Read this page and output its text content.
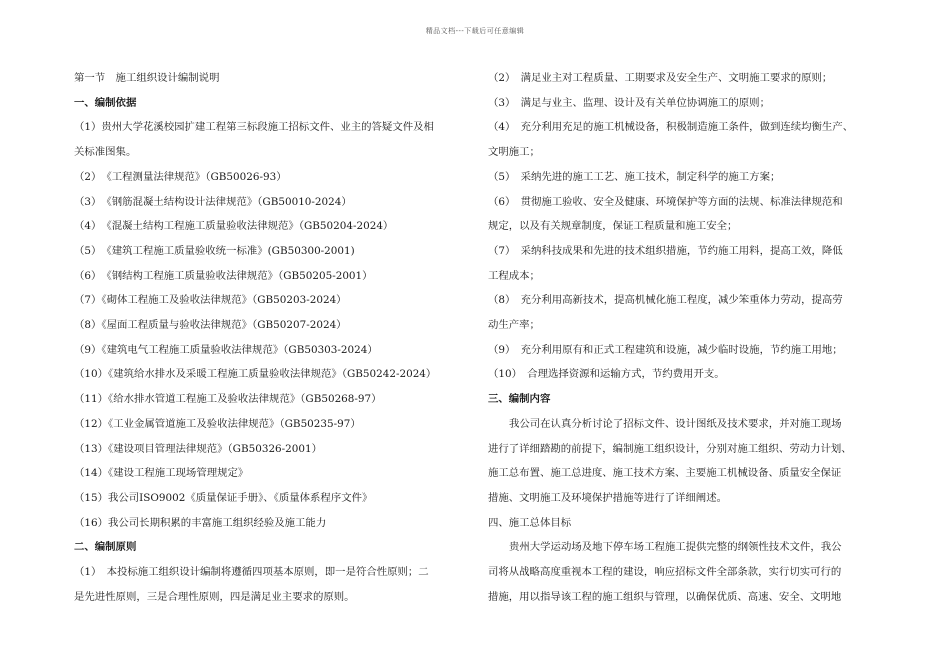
精品文档---下载后可任意编辑
第一节　施工组织设计编制说明
一、编制依据
（1）贵州大学花溪校园扩建工程第三标段施工招标文件、业主的答疑文件及相
关标准图集。
（2）　《工程测量法律规范》（GB50026-93）
（3）　《钢筋混凝土结构设计法律规范》（GB50010-2024）
（4）　《混凝土结构工程施工质量验收法律规范》（GB50204-2024）
（5）　《建筑工程施工质量验收统一标准》(GB50300-2001)
（6）　《钢结构工程施工质量验收法律规范》（GB50205-2001）
（7）《砌体工程施工及验收法律规范》（GB50203-2024）
（8）《屋面工程质量与验收法律规范》（GB50207-2024）
（9）《建筑电气工程施工质量验收法律规范》（GB50303-2024）
（10）《建筑给水排水及采暖工程施工质量验收法律规范》（GB50242-2024）
（11）《给水排水管道工程施工及验收法律规范》（GB50268-97）
（12）《工业金属管道施工及验收法律规范》（GB50235-97）
（13）《建设项目管理法律规范》（GB50326-2001）
（14）《建设工程施工现场管理规定》
（15）我公司ISO9002《质量保证手册》、《质量体系程序文件》
（16）我公司长期积累的丰富施工组织经验及施工能力
二、编制原则
（1）　本投标施工组织设计编制将遵循四项基本原则，即一是符合性原则；二
是先进性原则，三是合理性原则，四是满足业主要求的原则。
（2）　满足业主对工程质量、工期要求及安全生产、文明施工要求的原则；
（3）　满足与业主、监理、设计及有关单位协调施工的原则；
（4）　充分利用充足的施工机械设备，积极制造施工条件，做到连续均衡生产、
文明施工；
（5）　采纳先进的施工工艺、施工技术，制定科学的施工方案；
（6）　贯彻施工验收、安全及健康、环境保护等方面的法规、标准法律规范和
规定，以及有关规章制度，保证工程质量和施工安全；
（7）　采纳科技成果和先进的技术组织措施，节约施工用料，提高工效，降低
工程成本；
（8）　充分利用高新技术，提高机械化施工程度，减少笨重体力劳动，提高劳
动生产率；
（9）　充分利用原有和正式工程建筑和设施，减少临时设施，节约施工用地；
（10）　合理选择资源和运输方式，节约费用开支。
三、编制内容
我公司在认真分析讨论了招标文件、设计图纸及技术要求，并对施工现场
进行了详细踏勘的前提下，编制施工组织设计，分别对施工组织、劳动力计划、
施工总布置、施工总进度、施工技术方案、主要施工机械设备、质量安全保证
措施、文明施工及环境保护措施等进行了详细阐述。
四、施工总体目标
贵州大学运动场及地下停车场工程施工提供完整的纲领性技术文件，我公
司将从战略高度重视本工程的建设，响应招标文件全部条款，实行切实可行的
措施，用以指导该工程的施工组织与管理，以确保优质、高速、安全、文明地
